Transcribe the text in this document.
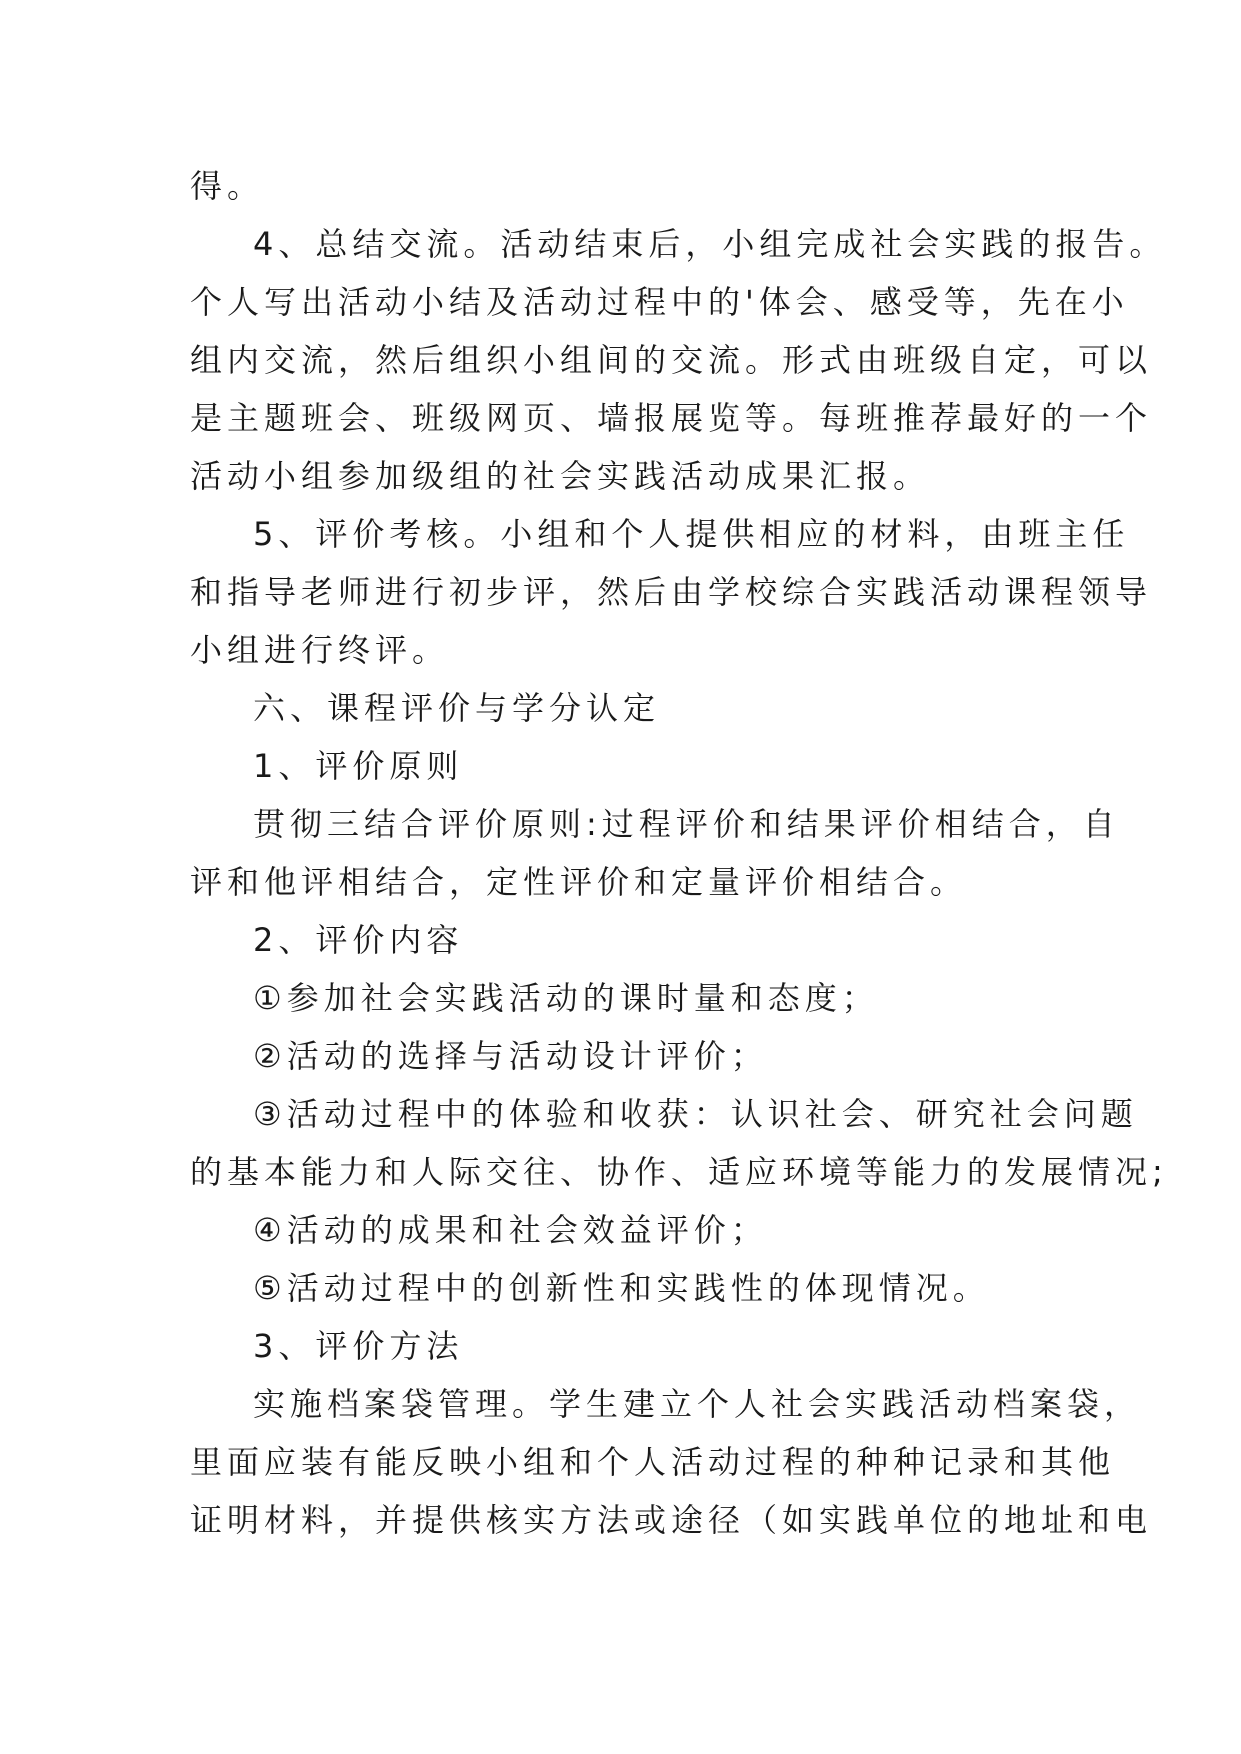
得。
4、总结交流。活动结束后，小组完成社会实践的报告。
个人写出活动小结及活动过程中的'体会、感受等，先在小
组内交流，然后组织小组间的交流。形式由班级自定，可以
是主题班会、班级网页、墙报展览等。每班推荐最好的一个
活动小组参加级组的社会实践活动成果汇报。
5、评价考核。小组和个人提供相应的材料，由班主任
和指导老师进行初步评，然后由学校综合实践活动课程领导
小组进行终评。
六、课程评价与学分认定
1、评价原则
贯彻三结合评价原则:过程评价和结果评价相结合，自
评和他评相结合，定性评价和定量评价相结合。
2、评价内容
①参加社会实践活动的课时量和态度；
②活动的选择与活动设计评价；
③活动过程中的体验和收获：认识社会、研究社会问题
的基本能力和人际交往、协作、适应环境等能力的发展情况;
④活动的成果和社会效益评价；
⑤活动过程中的创新性和实践性的体现情况。
3、评价方法
实施档案袋管理。学生建立个人社会实践活动档案袋，
里面应装有能反映小组和个人活动过程的种种记录和其他
证明材料，并提供核实方法或途径（如实践单位的地址和电
